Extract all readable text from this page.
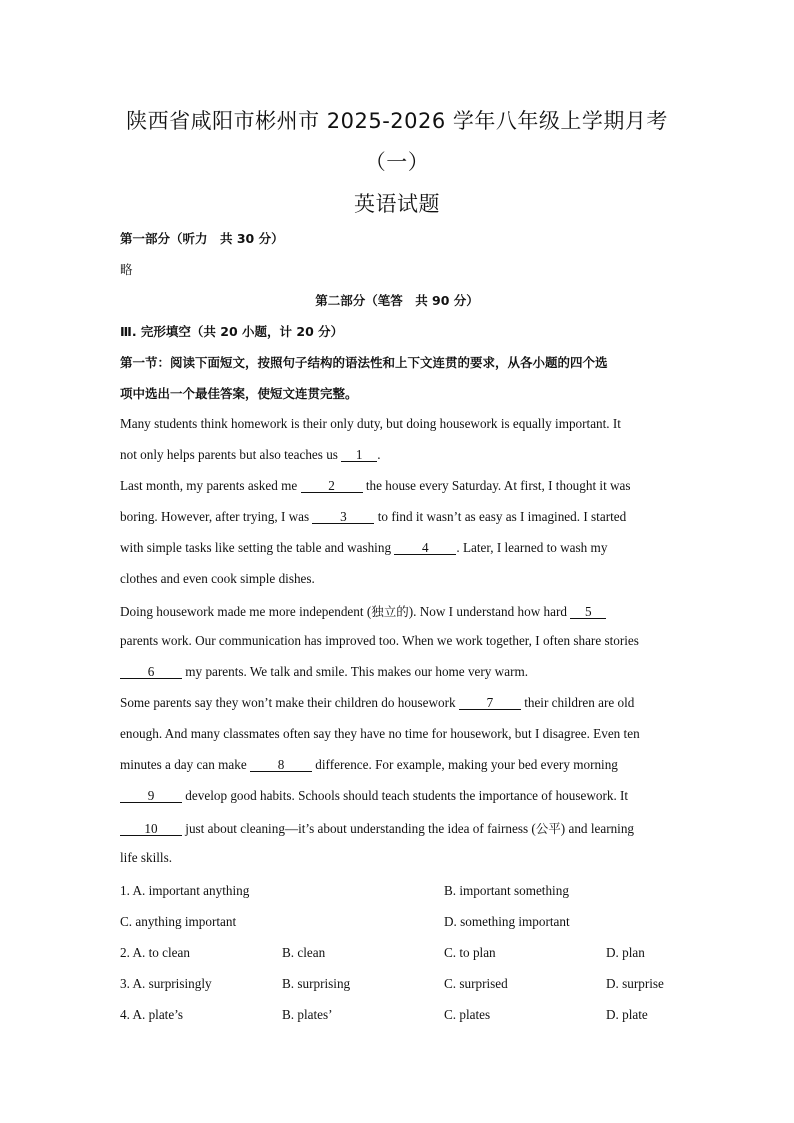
陕西省咸阳市彬州市 2025-2026 学年八年级上学期月考
（一）
英语试题
第一部分（听力　共 30 分）
略
第二部分（笔答　共 90 分）
Ⅲ. 完形填空（共 20 小题，计 20 分）
第一节：阅读下面短文，按照句子结构的语法性和上下文连贯的要求，从各小题的四个选
项中选出一个最佳答案，使短文连贯完整。
Many students think homework is their only duty, but doing housework is equally important. It
not only helps parents but also teaches us 1 .
Last month, my parents asked me 2 the house every Saturday. At first, I thought it was
boring. However, after trying, I was 3 to find it wasn’t as easy as I imagined. I started
with simple tasks like setting the table and washing 4 . Later, I learned to wash my
clothes and even cook simple dishes.
Doing housework made me more independent (独立的). Now I understand how hard 5
parents work. Our communication has improved too. When we work together, I often share stories
6 my parents. We talk and smile. This makes our home very warm.
Some parents say they won’t make their children do housework 7 their children are old
enough. And many classmates often say they have no time for housework, but I disagree. Even ten
minutes a day can make 8 difference. For example, making your bed every morning
9 develop good habits. Schools should teach students the importance of housework. It
10 just about cleaning—it’s about understanding the idea of fairness (公平) and learning
life skills.
1. A. important anything	B. important something
C. anything important	D. something important
2. A. to clean	B. clean	C. to plan	D. plan
3. A. surprisingly	B. surprising	C. surprised	D. surprise
4. A. plate’s	B. plates’	C. plates	D. plate
